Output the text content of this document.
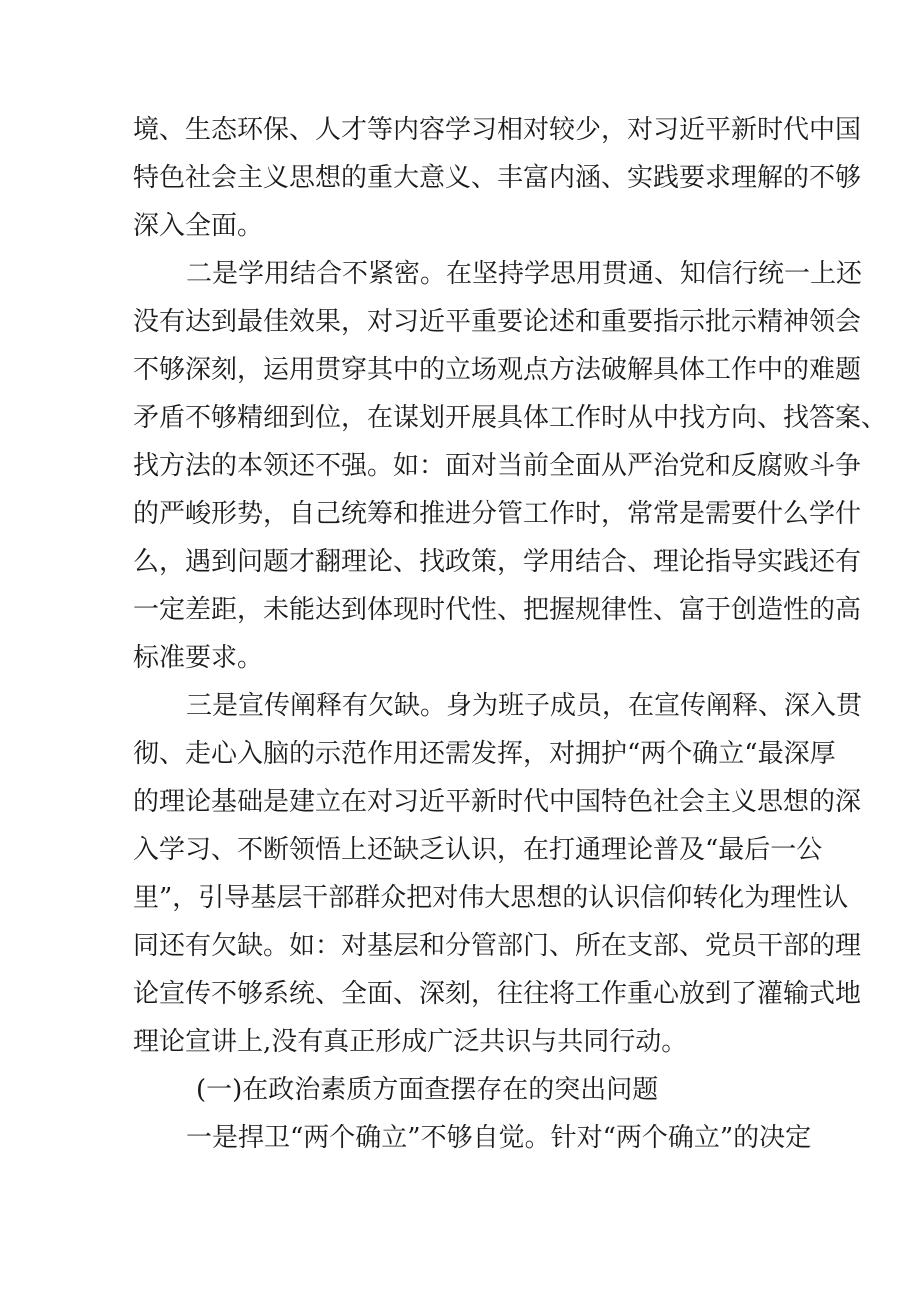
境、生态环保、人才等内容学习相对较少，对习近平新时代中国

特色社会主义思想的重大意义、丰富内涵、实践要求理解的不够

深入全面。

二是学用结合不紧密。在坚持学思用贯通、知信行统一上还

没有达到最佳效果，对习近平重要论述和重要指示批示精神领会

不够深刻，运用贯穿其中的立场观点方法破解具体工作中的难题

矛盾不够精细到位，在谋划开展具体工作时从中找方向、找答案、

找方法的本领还不强。如：面对当前全面从严治党和反腐败斗争

的严峻形势，自己统筹和推进分管工作时，常常是需要什么学什

么，遇到问题才翻理论、找政策，学用结合、理论指导实践还有

一定差距，未能达到体现时代性、把握规律性、富于创造性的高

标准要求。

三是宣传阐释有欠缺。身为班子成员，在宣传阐释、深入贯

彻、走心入脑的示范作用还需发挥，对拥护“两个确立“最深厚

的理论基础是建立在对习近平新时代中国特色社会主义思想的深

入学习、不断领悟上还缺乏认识，在打通理论普及“最后一公

里”，引导基层干部群众把对伟大思想的认识信仰转化为理性认

同还有欠缺。如：对基层和分管部门、所在支部、党员干部的理

论宣传不够系统、全面、深刻，往往将工作重心放到了灌输式地

理论宣讲上,没有真正形成广泛共识与共同行动。

(一)在政治素质方面查摆存在的突出问题

一是捍卫“两个确立”不够自觉。针对“两个确立”的决定
